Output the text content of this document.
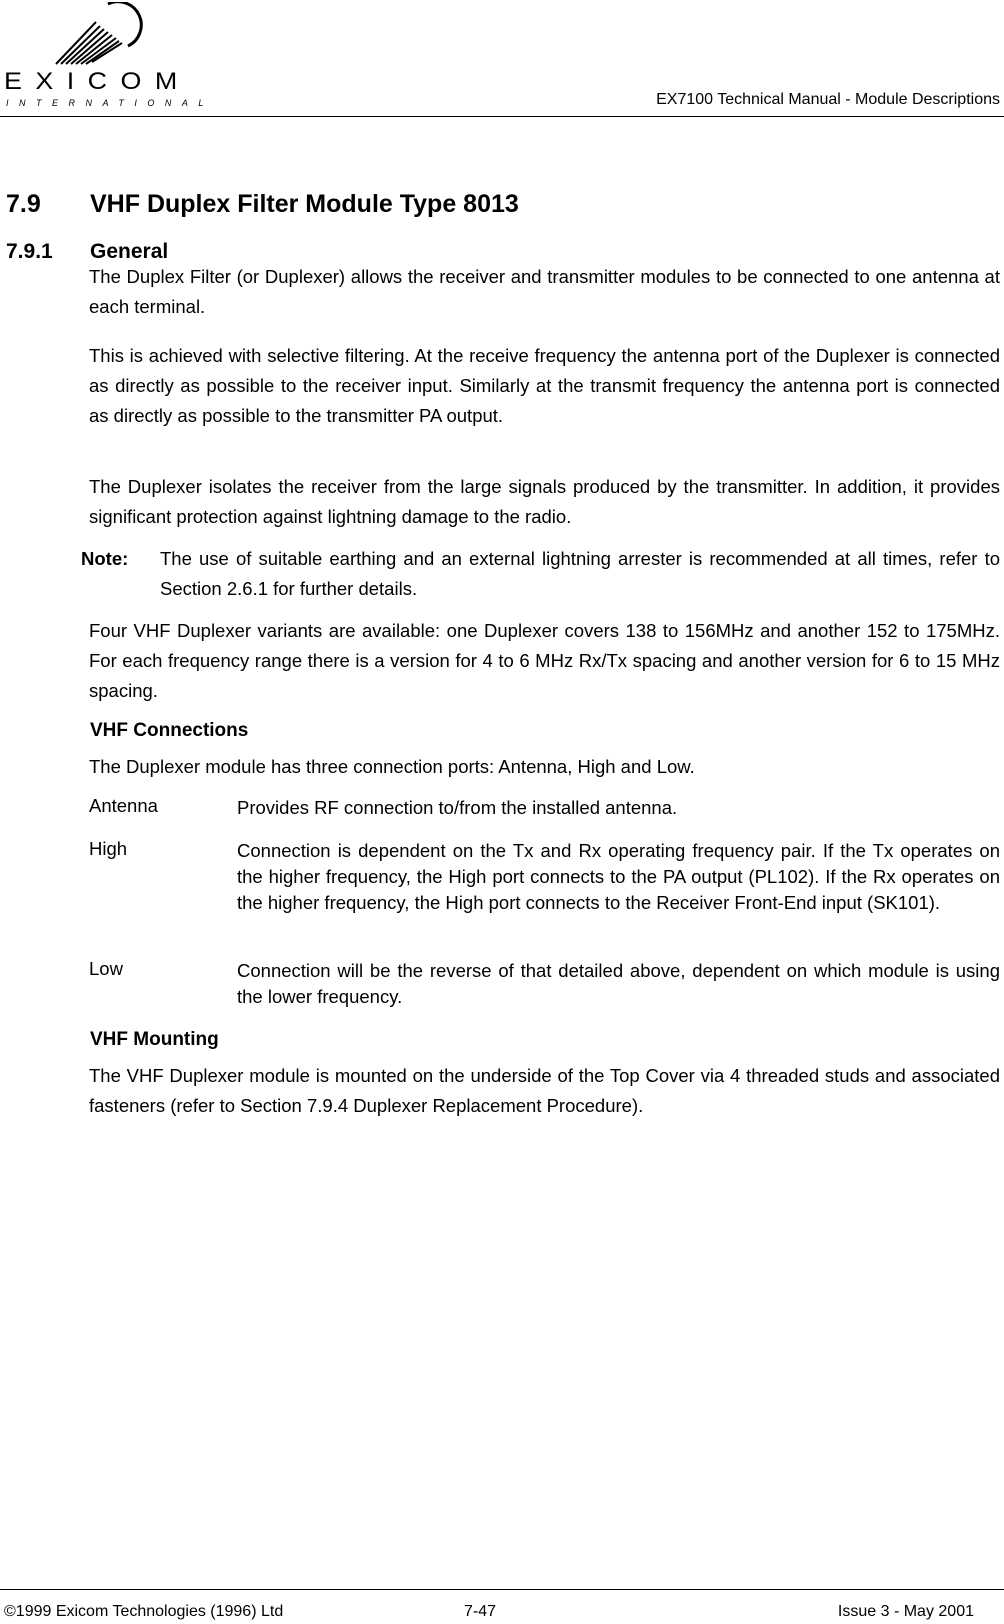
EXICOM
INTERNATIONAL	EX7100 Technical Manual - Module Descriptions
7.9 VHF Duplex Filter Module Type 8013
7.9.1 General
The Duplex Filter (or Duplexer) allows the receiver and transmitter modules to be connected to one antenna at each terminal.
This is achieved with selective filtering. At the receive frequency the antenna port of the Duplexer is connected as directly as possible to the receiver input. Similarly at the transmit frequency the antenna port is connected as directly as possible to the transmitter PA output.
The Duplexer isolates the receiver from the large signals produced by the transmitter. In addition, it provides significant protection against lightning damage to the radio.
Note: The use of suitable earthing and an external lightning arrester is recommended at all times, refer to Section 2.6.1 for further details.
Four VHF Duplexer variants are available: one Duplexer covers 138 to 156MHz and another 152 to 175MHz. For each frequency range there is a version for 4 to 6 MHz Rx/Tx spacing and another version for 6 to 15 MHz spacing.
VHF Connections
The Duplexer module has three connection ports: Antenna, High and Low.
Antenna	Provides RF connection to/from the installed antenna.
High	Connection is dependent on the Tx and Rx operating frequency pair. If the Tx operates on the higher frequency, the High port connects to the PA output (PL102). If the Rx operates on the higher frequency, the High port connects to the Receiver Front-End input (SK101).
Low	Connection will be the reverse of that detailed above, dependent on which module is using the lower frequency.
VHF Mounting
The VHF Duplexer module is mounted on the underside of the Top Cover via 4 threaded studs and associated fasteners (refer to Section 7.9.4 Duplexer Replacement Procedure).
©1999 Exicom Technologies (1996) Ltd	7-47	Issue 3 - May 2001
